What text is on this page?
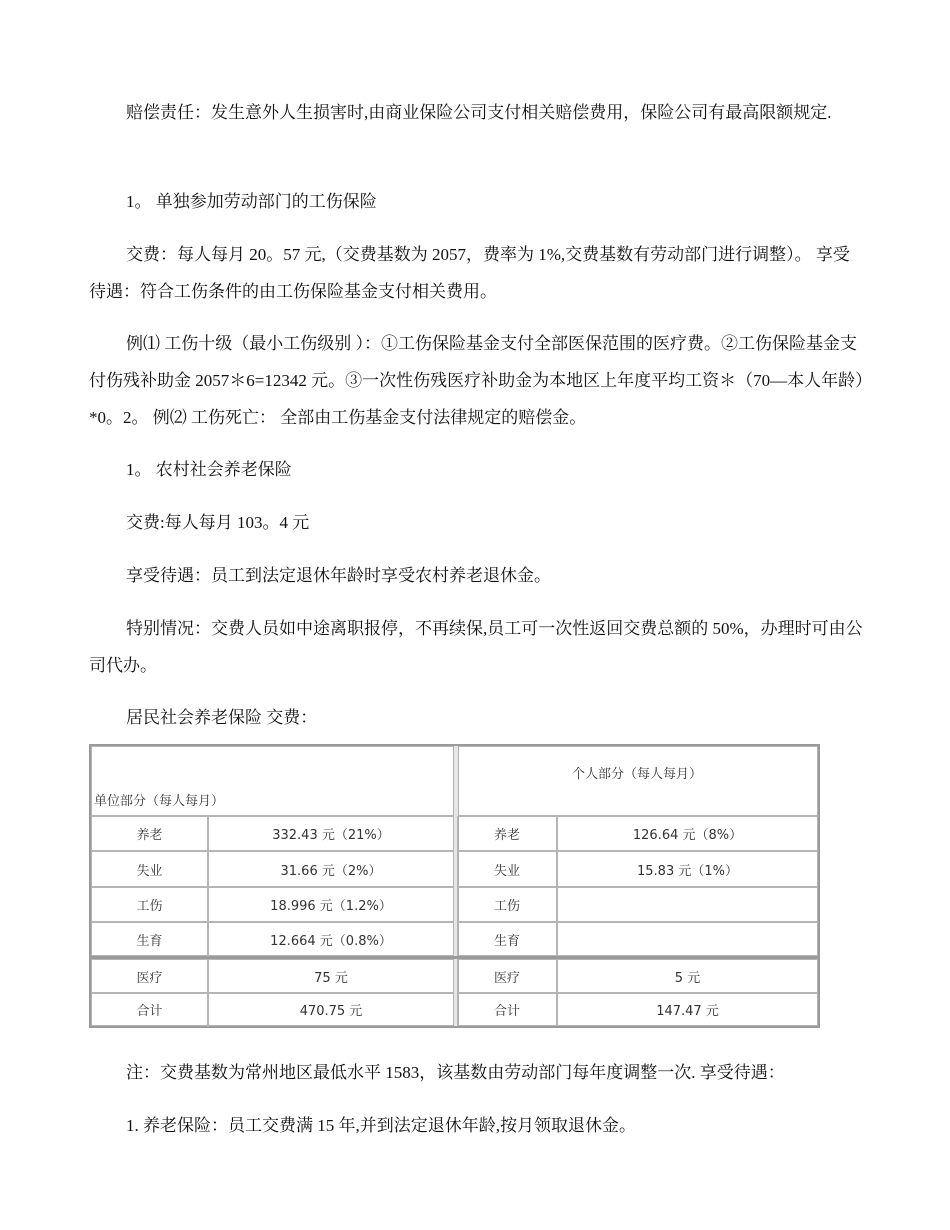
赔偿责任：发生意外人生损害时,由商业保险公司支付相关赔偿费用，保险公司有最高限额规定.

1。 单独参加劳动部门的工伤保险

交费：每人每月 20。57 元,（交费基数为 2057，费率为 1%,交费基数有劳动部门进行调整）。 享受待遇：符合工伤条件的由工伤保险基金支付相关费用。

例⑴ 工伤十级（最小工伤级别 ）：①工伤保险基金支付全部医保范围的医疗费。②工伤保险基金支付伤残补助金 2057＊6=12342 元。③一次性伤残医疗补助金为本地区上年度平均工资＊（70—本人年龄）*0。2。 例⑵ 工伤死亡： 全部由工伤基金支付法律规定的赔偿金。

1。 农村社会养老保险

交费:每人每月 103。4 元

享受待遇：员工到法定退休年龄时享受农村养老退休金。

特别情况：交费人员如中途离职报停，不再续保,员工可一次性返回交费总额的 50%，办理时可由公司代办。

居民社会养老保险 交费：

单位部分（每人每月）
个人部分（每人每月）
养老	332.43 元（21%）	养老	126.64 元（8%）
失业	31.66 元（2%）	失业	15.83 元（1%）
工伤	18.996 元（1.2%）	工伤
生育	12.664 元（0.8%）	生育
医疗	75 元	医疗	5 元
合计	470.75 元	合计	147.47 元

注：交费基数为常州地区最低水平 1583，该基数由劳动部门每年度调整一次. 享受待遇：

1. 养老保险：员工交费满 15 年,并到法定退休年龄,按月领取退休金。
